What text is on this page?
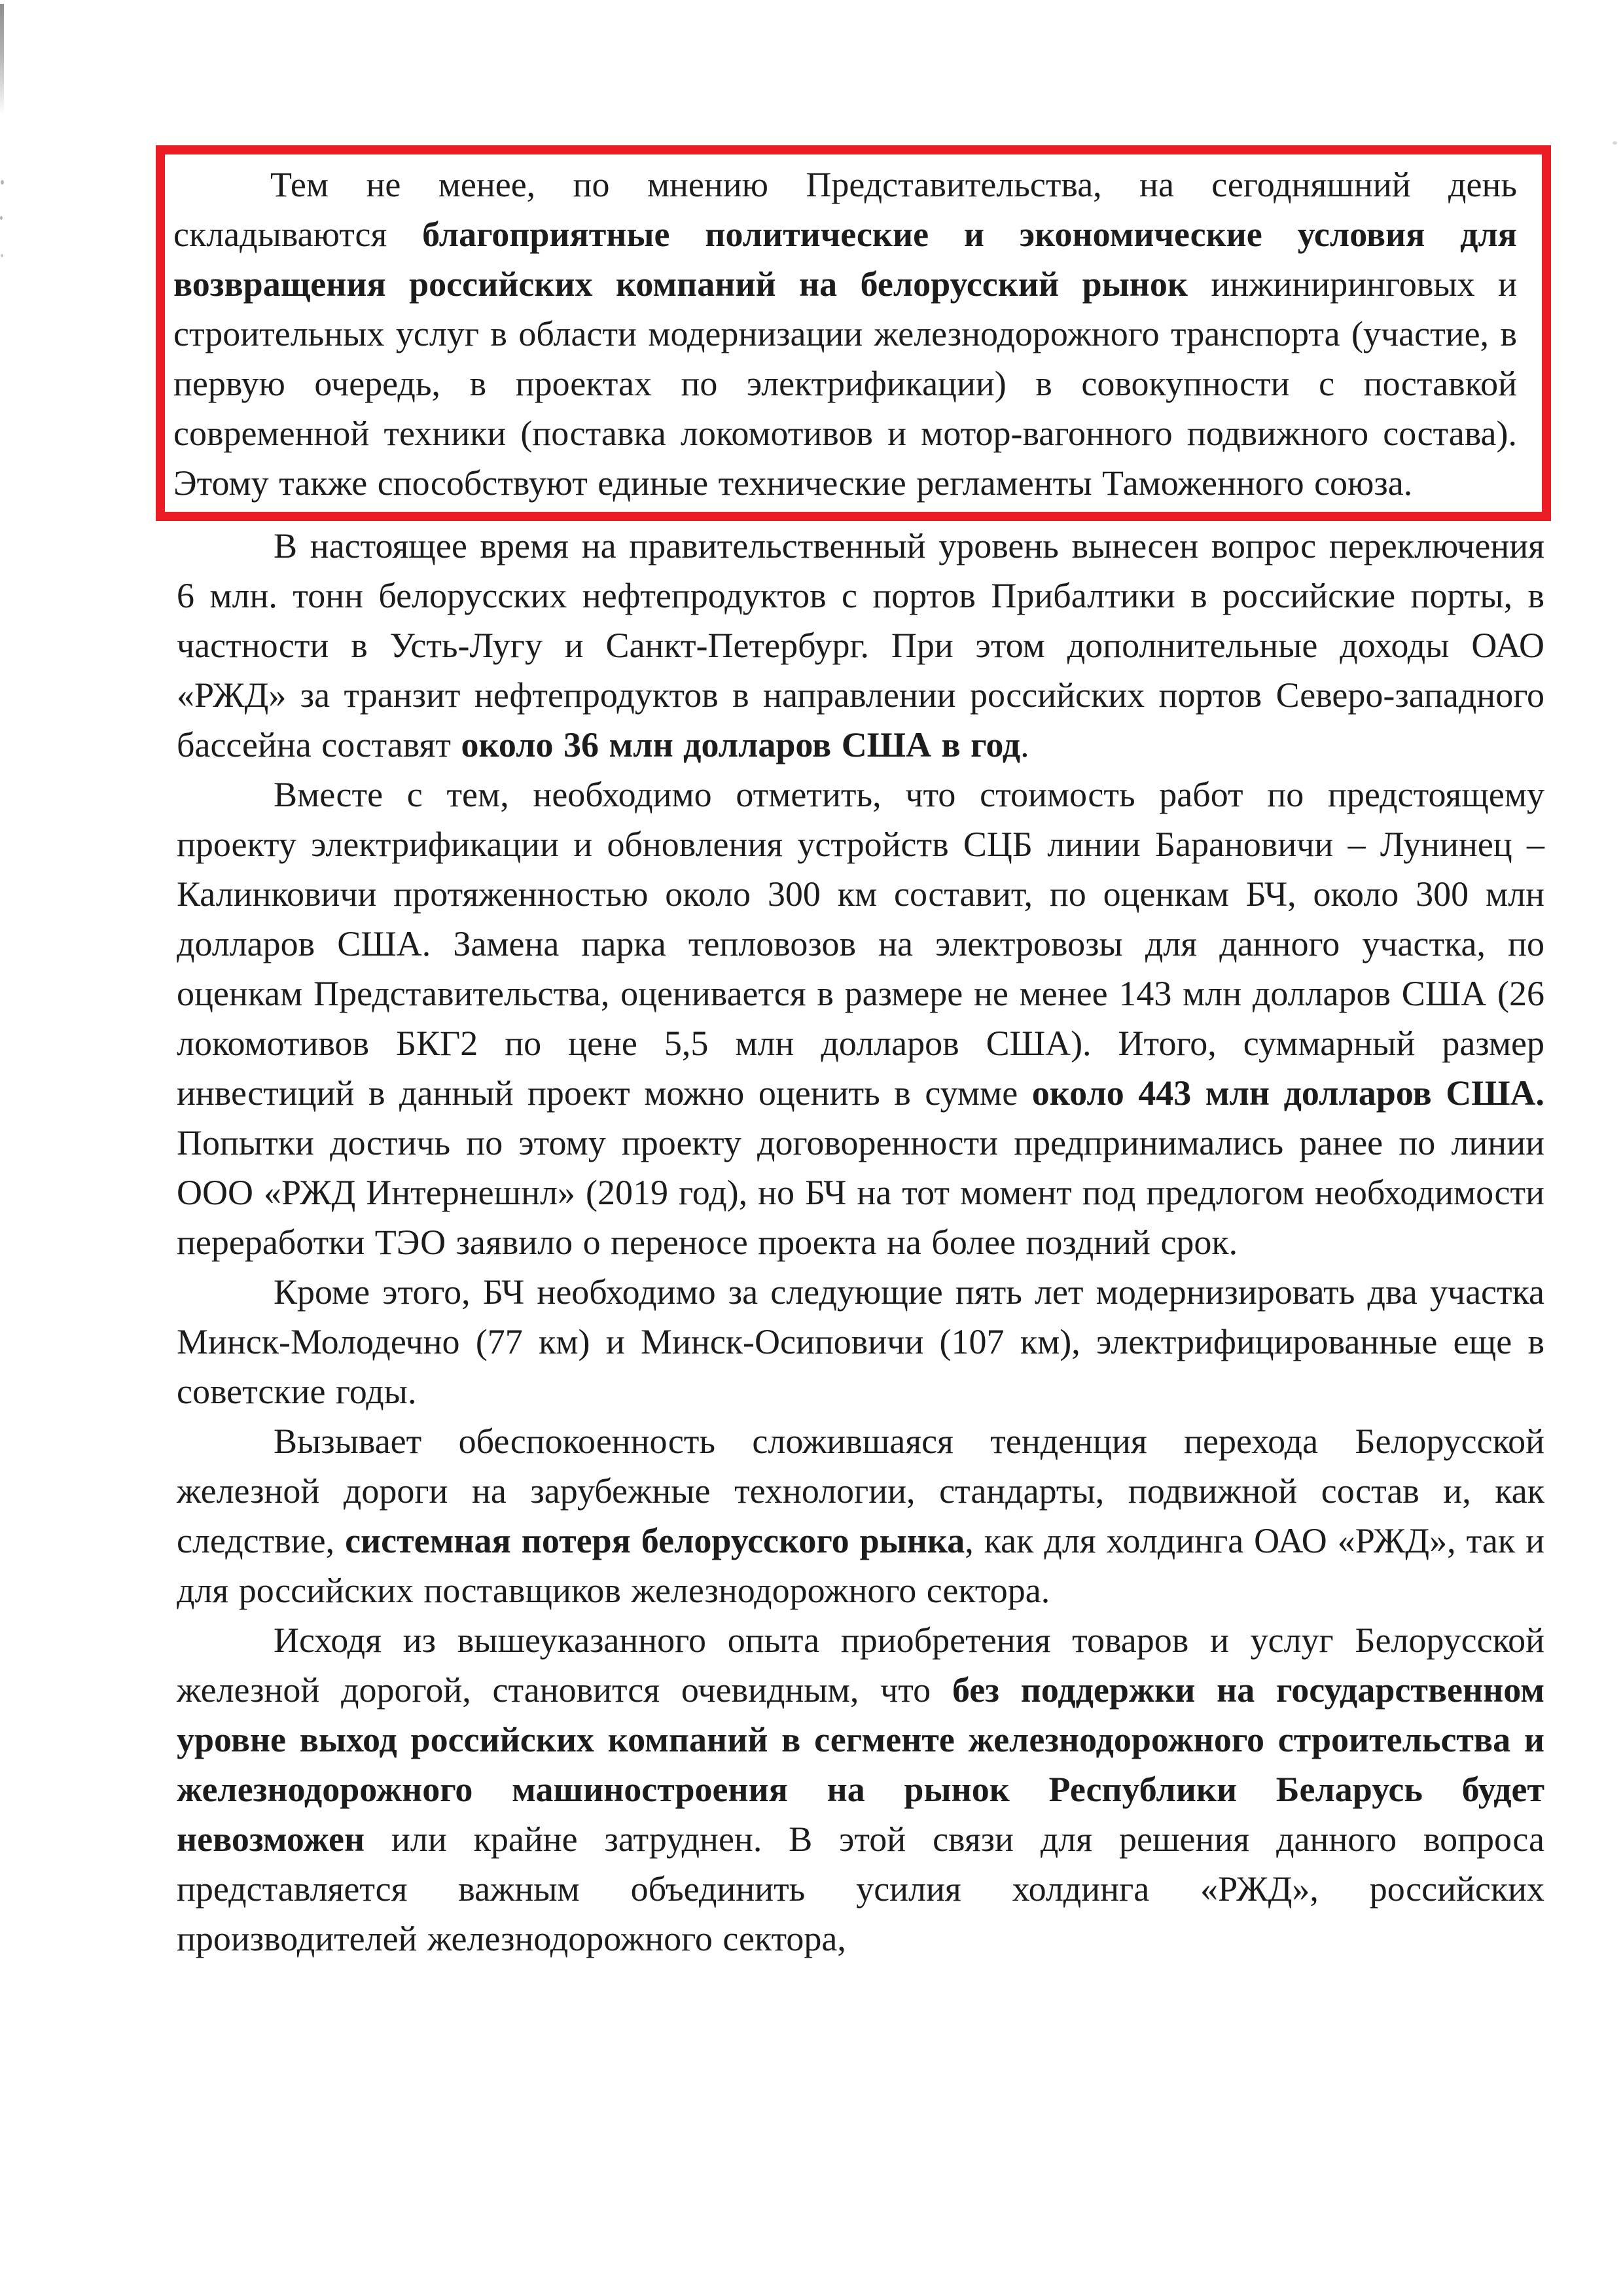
Тем не менее, по мнению Представительства, на сегодняшний день складываются благоприятные политические и экономические условия для возвращения российских компаний на белорусский рынок инжиниринговых и строительных услуг в области модернизации железнодорожного транспорта (участие, в первую очередь, в проектах по электрификации) в совокупности с поставкой современной техники (поставка локомотивов и мотор-вагонного подвижного состава). Этому также способствуют единые технические регламенты Таможенного союза.

В настоящее время на правительственный уровень вынесен вопрос переключения 6 млн. тонн белорусских нефтепродуктов с портов Прибалтики в российские порты, в частности в Усть-Лугу и Санкт-Петербург. При этом дополнительные доходы ОАО «РЖД» за транзит нефтепродуктов в направлении российских портов Северо-западного бассейна составят около 36 млн долларов США в год.

Вместе с тем, необходимо отметить, что стоимость работ по предстоящему проекту электрификации и обновления устройств СЦБ линии Барановичи – Лунинец – Калинковичи протяженностью около 300 км составит, по оценкам БЧ, около 300 млн долларов США. Замена парка тепловозов на электровозы для данного участка, по оценкам Представительства, оценивается в размере не менее 143 млн долларов США (26 локомотивов БКГ2 по цене 5,5 млн долларов США). Итого, суммарный размер инвестиций в данный проект можно оценить в сумме около 443 млн долларов США. Попытки достичь по этому проекту договоренности предпринимались ранее по линии ООО «РЖД Интернешнл» (2019 год), но БЧ на тот момент под предлогом необходимости переработки ТЭО заявило о переносе проекта на более поздний срок.

Кроме этого, БЧ необходимо за следующие пять лет модернизировать два участка Минск-Молодечно (77 км) и Минск-Осиповичи (107 км), электрифицированные еще в советские годы.

Вызывает обеспокоенность сложившаяся тенденция перехода Белорусской железной дороги на зарубежные технологии, стандарты, подвижной состав и, как следствие, системная потеря белорусского рынка, как для холдинга ОАО «РЖД», так и для российских поставщиков железнодорожного сектора.

Исходя из вышеуказанного опыта приобретения товаров и услуг Белорусской железной дорогой, становится очевидным, что без поддержки на государственном уровне выход российских компаний в сегменте железнодорожного строительства и железнодорожного машиностроения на рынок Республики Беларусь будет невозможен или крайне затруднен. В этой связи для решения данного вопроса представляется важным объединить усилия холдинга «РЖД», российских производителей железнодорожного сектора,
